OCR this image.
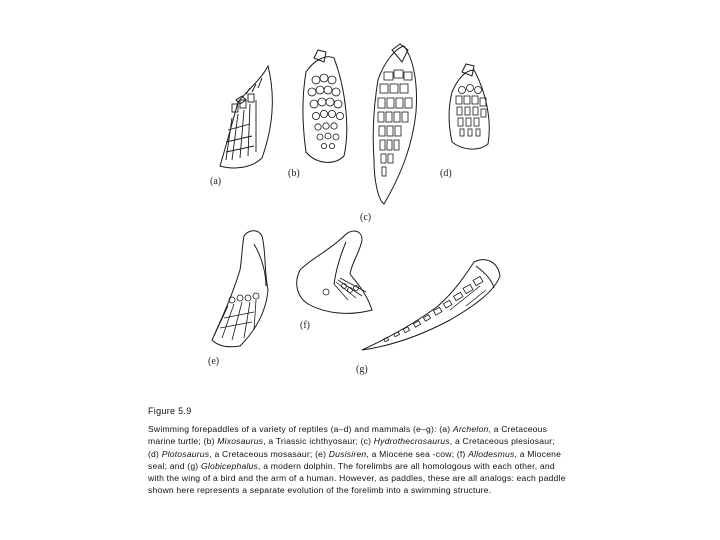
(a)
(b)
(c)
(d)
(e)
(f)
(g)
Figure 5.9
Swimming forepaddles of a variety of reptiles (a–d) and mammals (e–g): (a) Archelon, a Cretaceous marine turtle; (b) Mixosaurus, a Triassic ichthyosaur; (c) Hydrothecrosaurus, a Cretaceous plesiosaur; (d) Plotosaurus, a Cretaceous mosasaur; (e) Dusisiren, a Miocene sea -cow; (f) Allodesmus, a Miocene seal; and (g) Globicephalus, a modern dolphin. The forelimbs are all homologous with each other, and with the wing of a bird and the arm of a human. However, as paddles, these are all analogs: each paddle shown here represents a separate evolution of the forelimb into a swimming structure.
